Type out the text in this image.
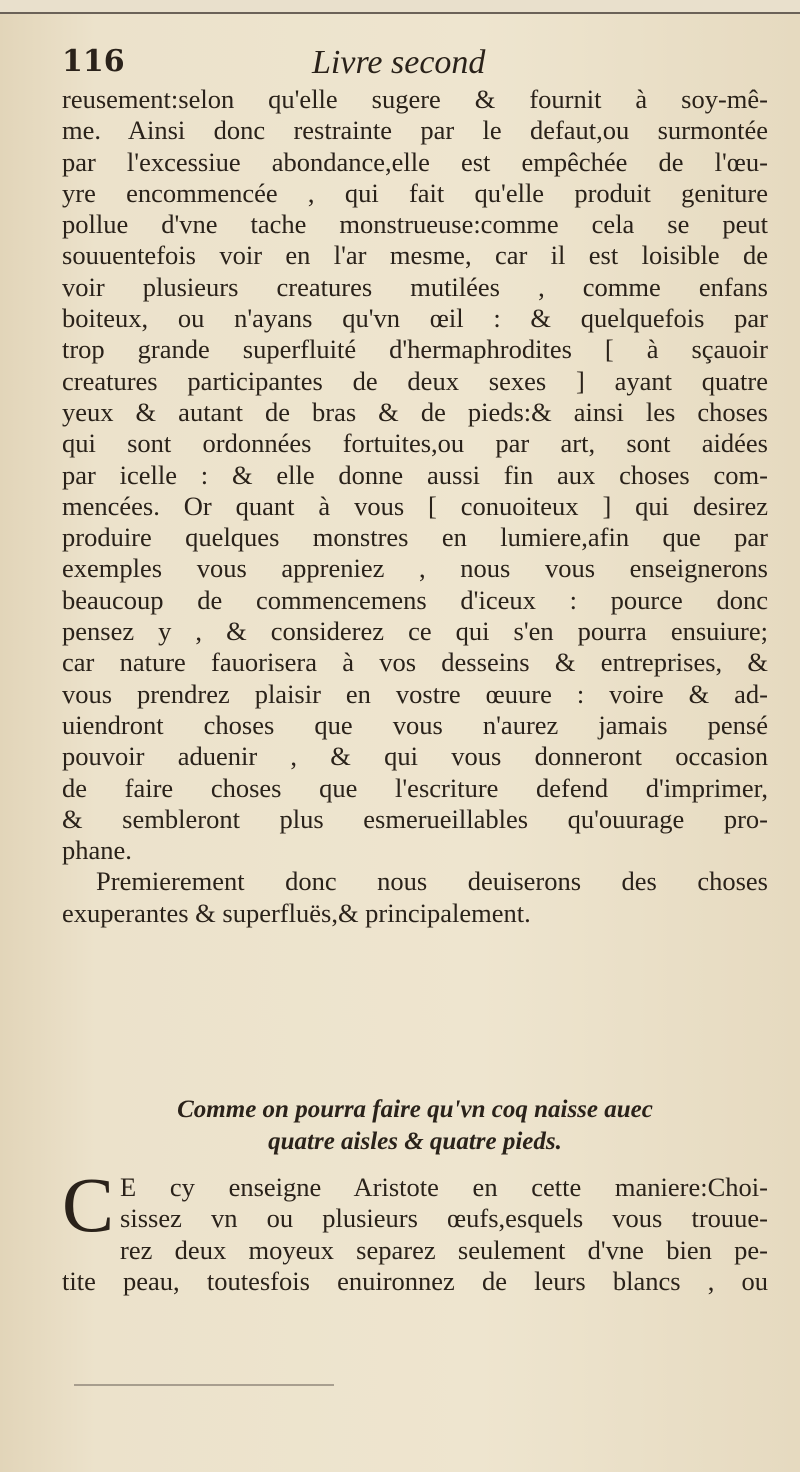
116	Livre second
reusement:selon qu'elle sugere & fournit à soy-mê-
me. Ainsi donc restrainte par le defaut,ou surmontée
par l'excessiue abondance,elle est empêchée de l'œu-
yre encommencée , qui fait qu'elle produit geniture
pollue d'vne tache monstrueuse:comme cela se peut
souuentefois voir en l'ar mesme, car il est loisible de
voir plusieurs creatures mutilées , comme enfans
boiteux, ou n'ayans qu'vn œil : & quelquefois par
trop grande superfluité d'hermaphrodites [ à sçauoir
creatures participantes de deux sexes ] ayant quatre
yeux & autant de bras & de pieds:& ainsi les choses
qui sont ordonnées fortuites,ou par art, sont aidées
par icelle : & elle donne aussi fin aux choses com-
mencées. Or quant à vous [ conuoiteux ] qui desirez
produire quelques monstres en lumiere,afin que par
exemples vous appreniez , nous vous enseignerons
beaucoup de commencemens d'iceux : pource donc
pensez y , & considerez ce qui s'en pourra ensuiure;
car nature fauorisera à vos desseins & entreprises, &
vous prendrez plaisir en vostre œuure : voire & ad-
uiendront choses que vous n'aurez jamais pensé
pouvoir aduenir , & qui vous donneront occasion
de faire choses que l'escriture defend d'imprimer,
& sembleront plus esmerueillables qu'ouurage pro-
phane.
Premierement donc nous deuiserons des choses
exuperantes & superfluës,& principalement.
Comme on pourra faire qu'vn coq naisse auec
quatre aisles & quatre pieds.
C E cy enseigne Aristote en cette maniere:Choi-
sissez vn ou plusieurs œufs,esquels vous trouue-
rez deux moyeux separez seulement d'vne bien pe-
tite peau, toutesfois enuironnez de leurs blancs , ou
